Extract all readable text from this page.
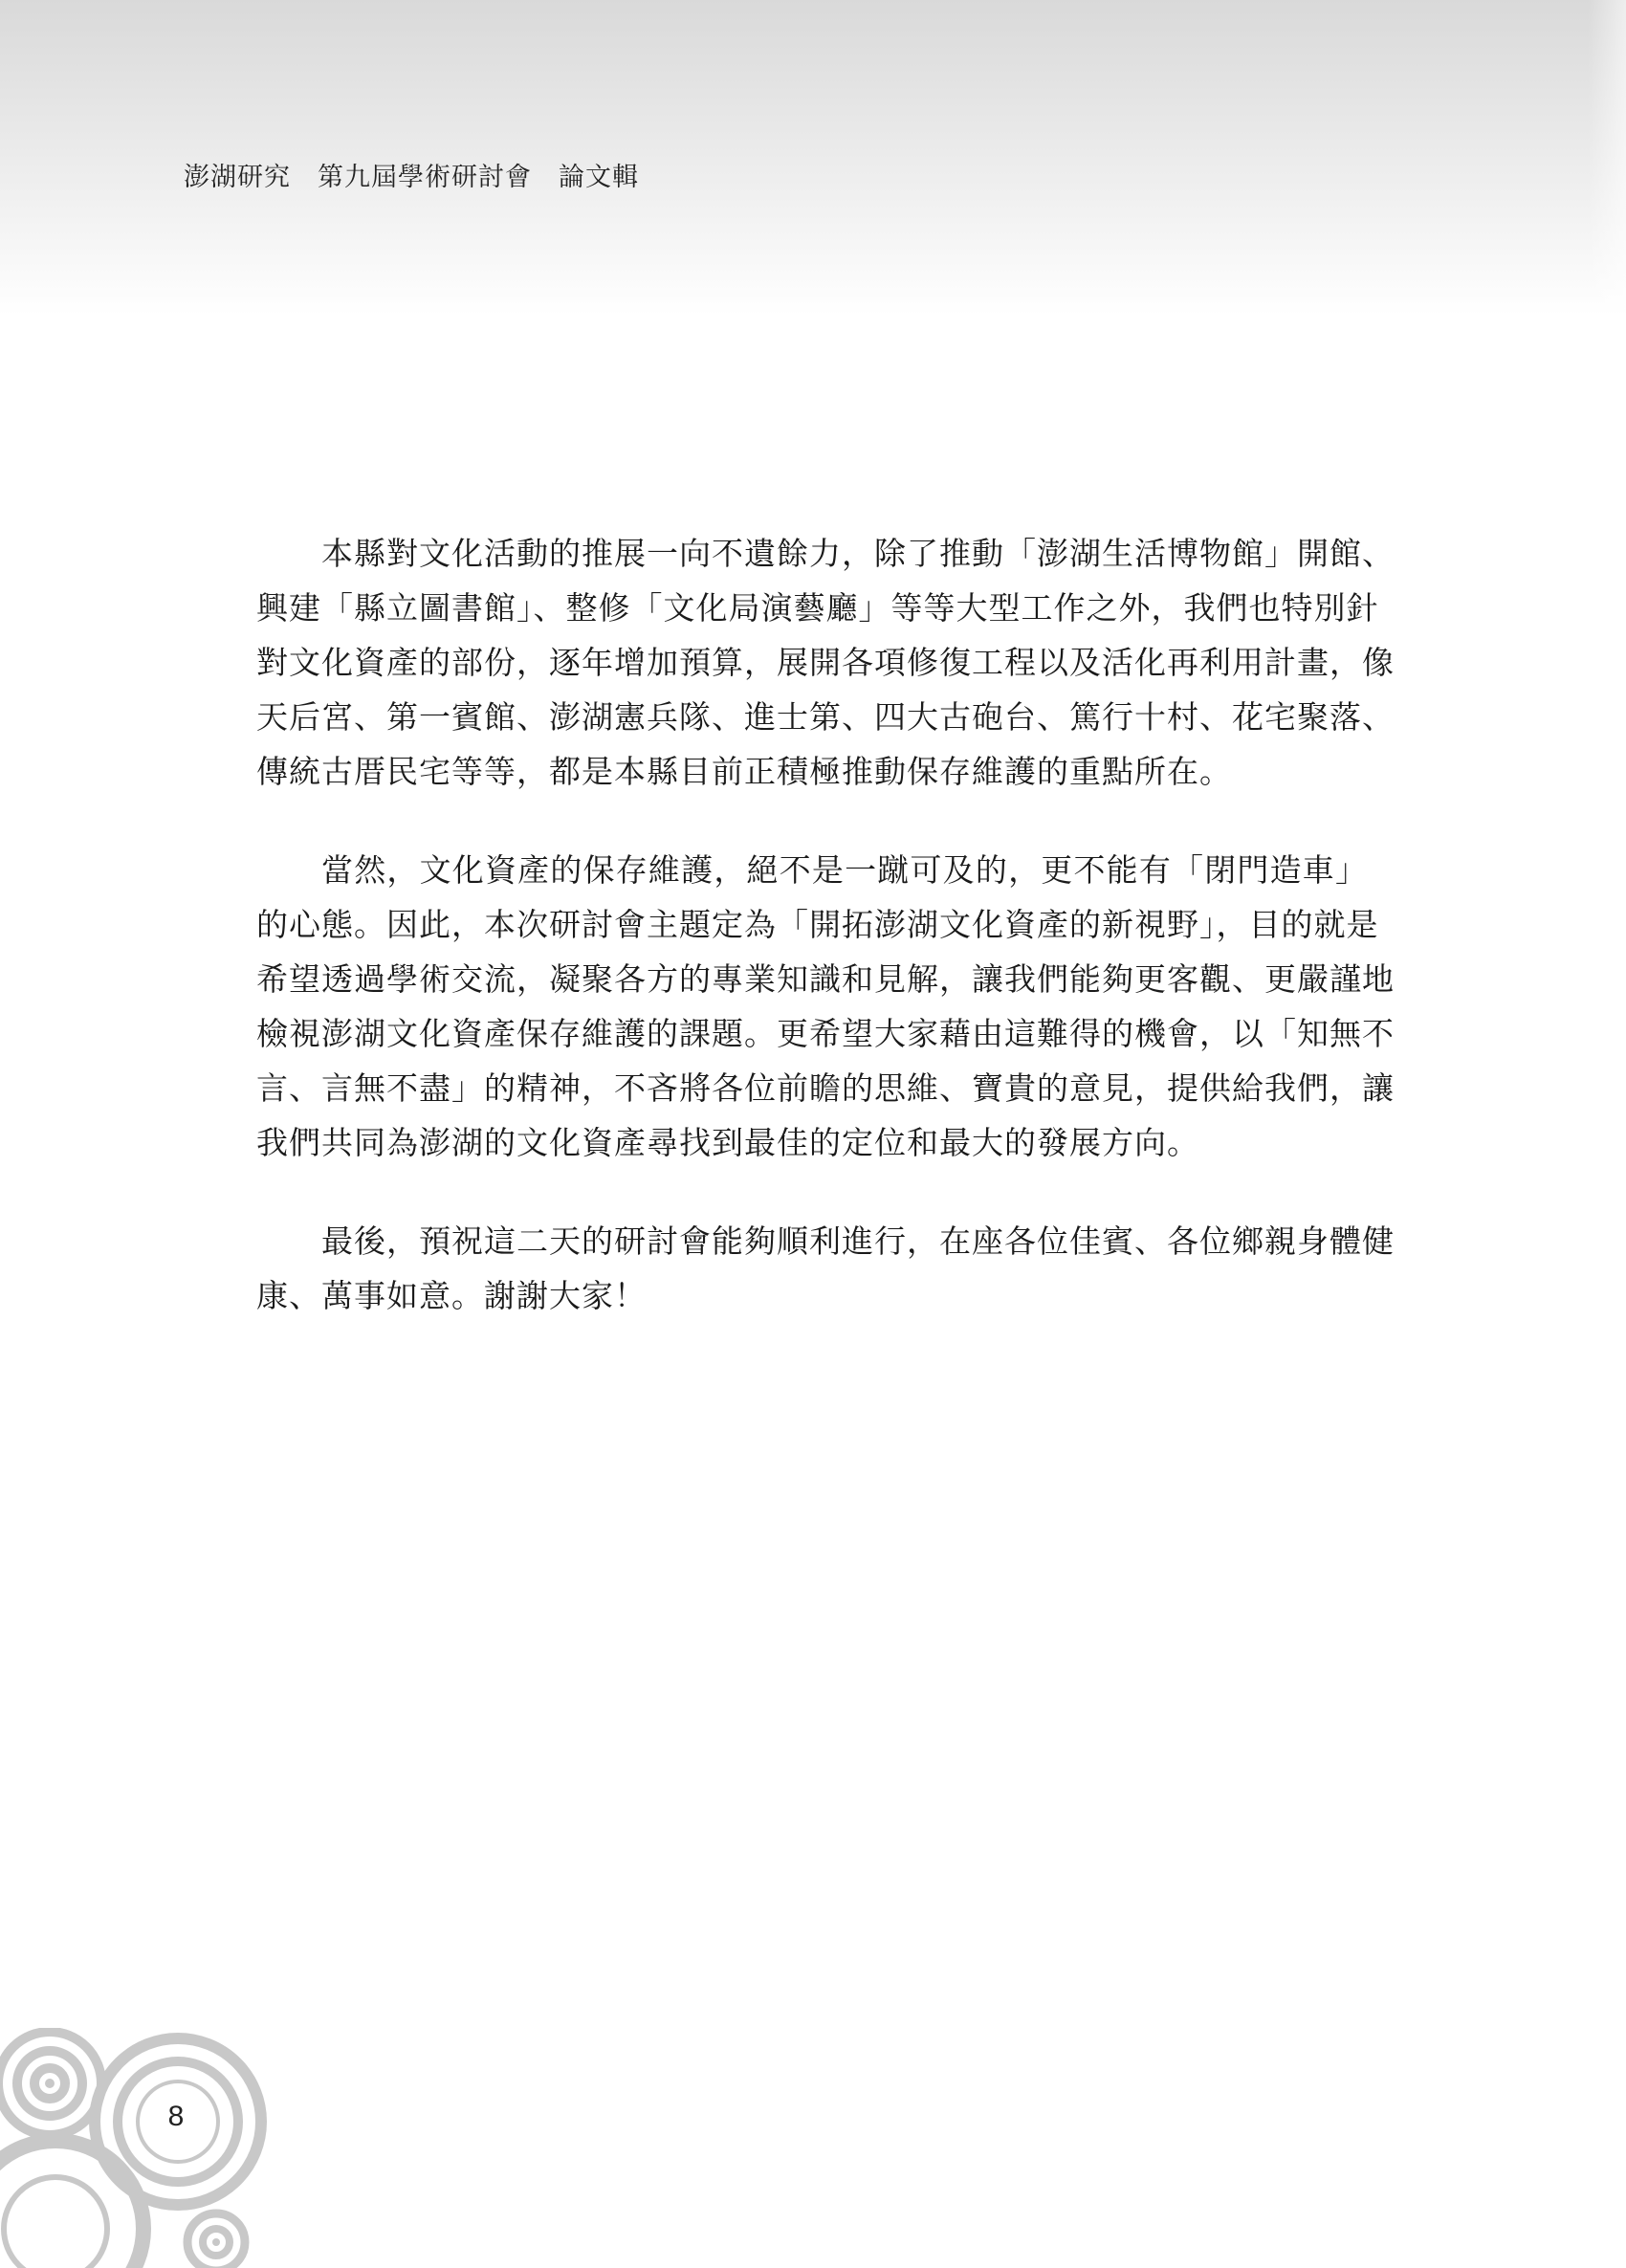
澎湖研究　第九屆學術研討會　論文輯
本縣對文化活動的推展一向不遺餘力，除了推動「澎湖生活博物館」開館、
興建「縣立圖書館」、整修「文化局演藝廳」等等大型工作之外，我們也特別針
對文化資產的部份，逐年增加預算，展開各項修復工程以及活化再利用計畫，像
天后宮、第一賓館、澎湖憲兵隊、進士第、四大古砲台、篤行十村、花宅聚落、
傳統古厝民宅等等，都是本縣目前正積極推動保存維護的重點所在。
當然，文化資產的保存維護，絕不是一蹴可及的，更不能有「閉門造車」
的心態。因此，本次研討會主題定為「開拓澎湖文化資產的新視野」，目的就是
希望透過學術交流，凝聚各方的專業知識和見解，讓我們能夠更客觀、更嚴謹地
檢視澎湖文化資產保存維護的課題。更希望大家藉由這難得的機會，以「知無不
言、言無不盡」的精神，不吝將各位前瞻的思維、寶貴的意見，提供給我們，讓
我們共同為澎湖的文化資產尋找到最佳的定位和最大的發展方向。
最後，預祝這二天的研討會能夠順利進行，在座各位佳賓、各位鄉親身體健
康、萬事如意。謝謝大家！
8
